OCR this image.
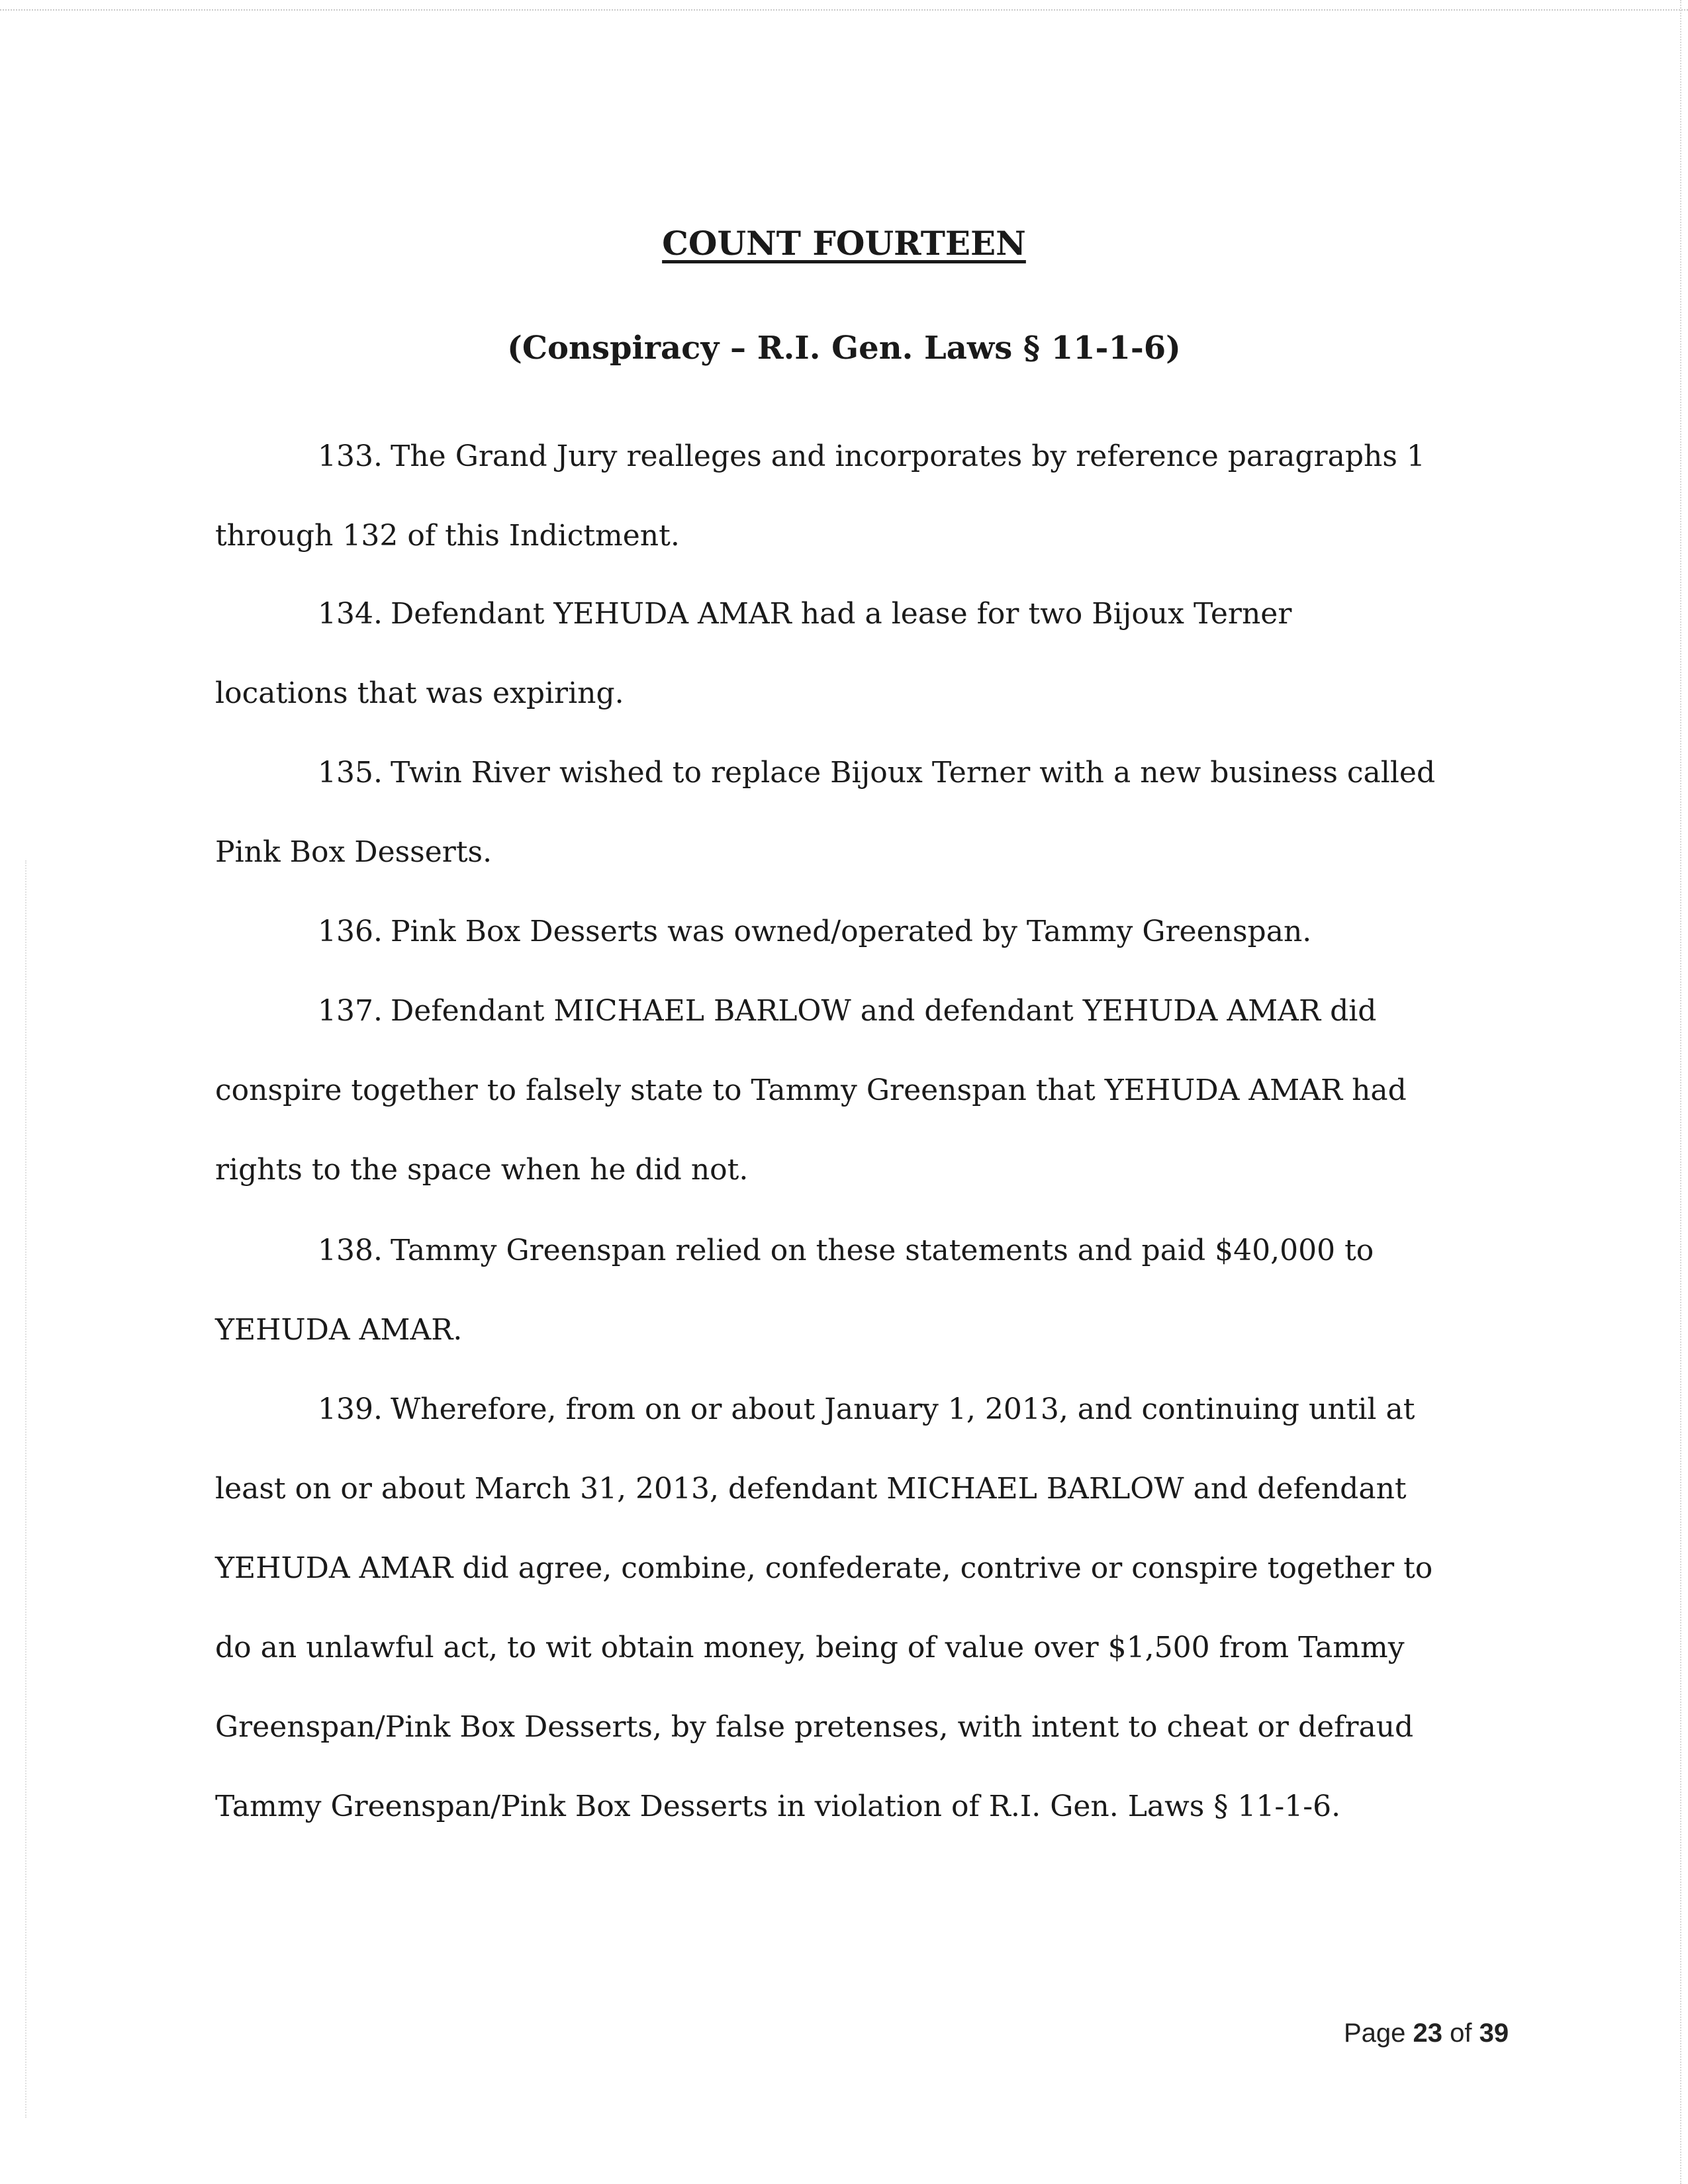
COUNT FOURTEEN
(Conspiracy – R.I. Gen. Laws § 11-1-6)
133. The Grand Jury realleges and incorporates by reference paragraphs 1
through 132 of this Indictment.
134. Defendant YEHUDA AMAR had a lease for two Bijoux Terner
locations that was expiring.
135. Twin River wished to replace Bijoux Terner with a new business called
Pink Box Desserts.
136. Pink Box Desserts was owned/operated by Tammy Greenspan.
137. Defendant MICHAEL BARLOW and defendant YEHUDA AMAR did
conspire together to falsely state to Tammy Greenspan that YEHUDA AMAR had
rights to the space when he did not.
138. Tammy Greenspan relied on these statements and paid $40,000 to
YEHUDA AMAR.
139. Wherefore, from on or about January 1, 2013, and continuing until at
least on or about March 31, 2013, defendant MICHAEL BARLOW and defendant
YEHUDA AMAR did agree, combine, confederate, contrive or conspire together to
do an unlawful act, to wit obtain money, being of value over $1,500 from Tammy
Greenspan/Pink Box Desserts, by false pretenses, with intent to cheat or defraud
Tammy Greenspan/Pink Box Desserts in violation of R.I. Gen. Laws § 11-1-6.
Page 23 of 39
